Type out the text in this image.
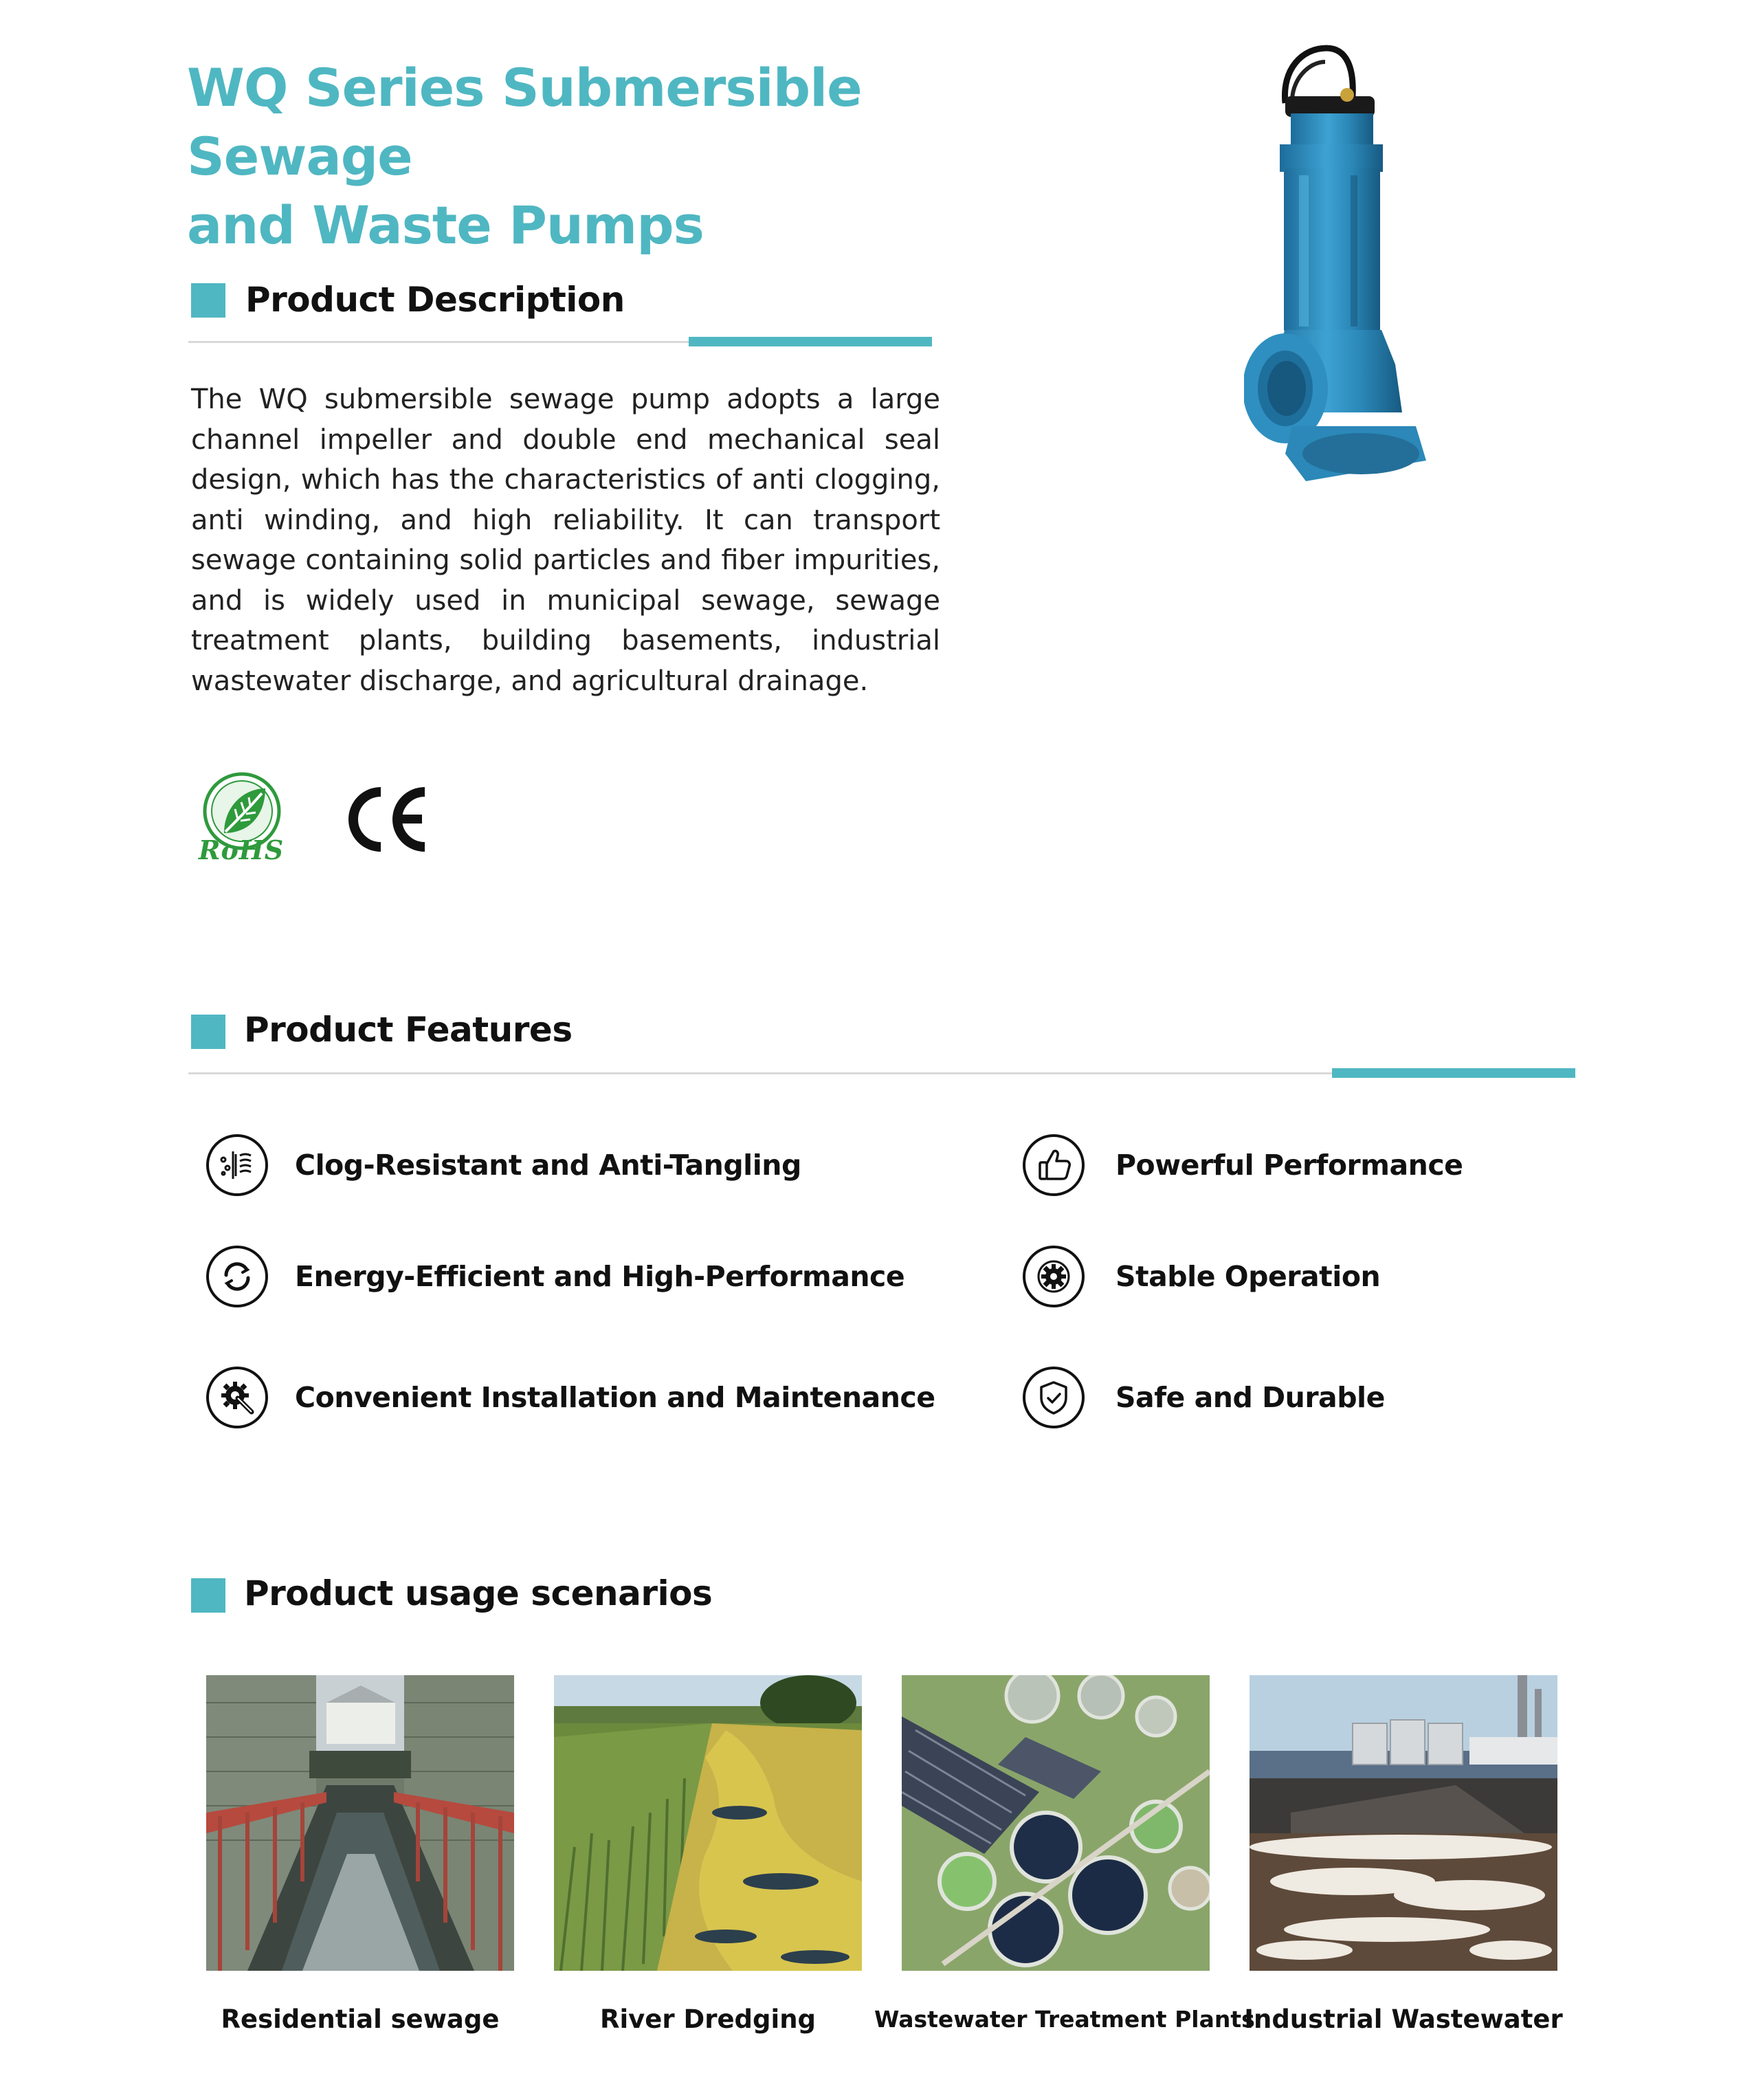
WQ Series Submersible Sewage
and Waste Pumps
Product Description
The WQ submersible sewage pump adopts a large channel impeller and double end mechanical seal design, which has the characteristics of anti clogging, anti winding, and high reliability. It can transport sewage containing solid particles and fiber impurities, and is widely used in municipal sewage, sewage treatment plants, building basements, industrial wastewater discharge, and agricultural drainage.
RoHS
Product Features
Clog-Resistant and Anti-Tangling	Powerful Performance
Energy-Efficient and High-Performance	Stable Operation
Convenient Installation and Maintenance	Safe and Durable
Product usage scenarios
Residential sewage	River Dredging	Wastewater Treatment Plants
Industrial Wastewater
